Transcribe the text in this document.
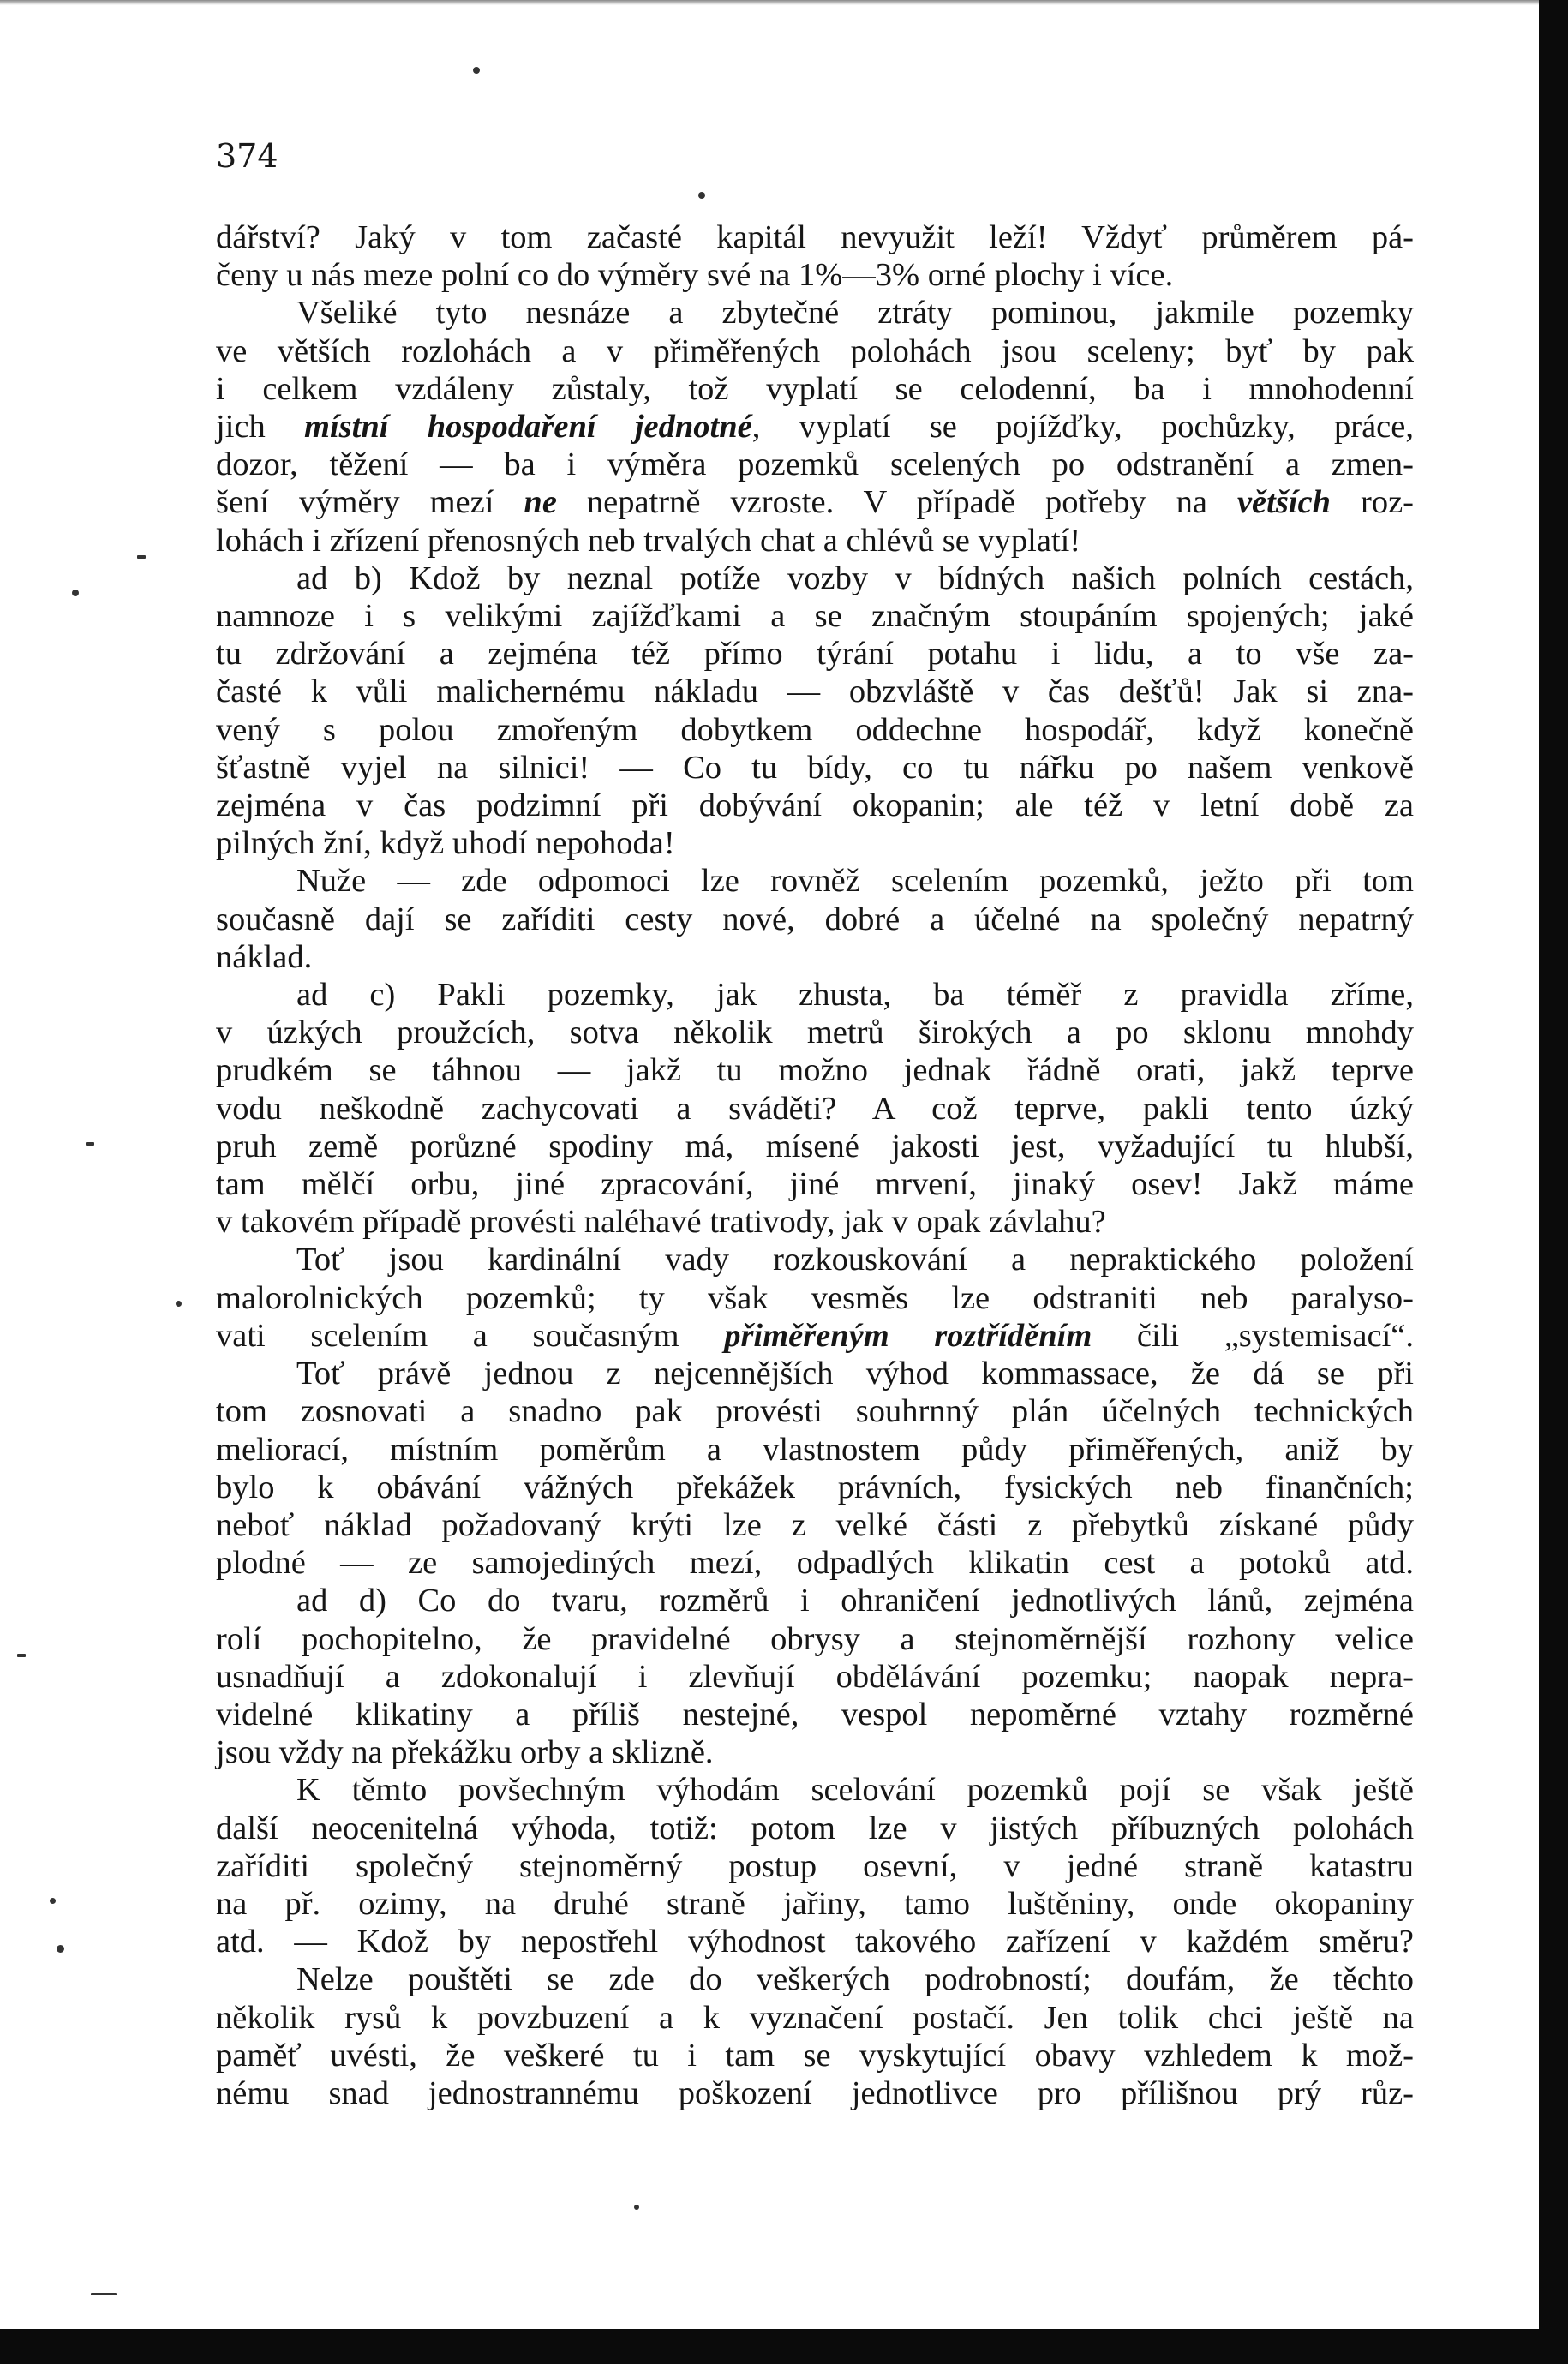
374
dářství? Jaký v tom začasté kapitál nevyužit leží! Vždyť průměrem pá-
čeny u nás meze polní co do výměry své na 1%—3% orné plochy i více.
Všeliké tyto nesnáze a zbytečné ztráty pominou, jakmile pozemky
ve větších rozlohách a v přiměřených polohách jsou sceleny; byť by pak
i celkem vzdáleny zůstaly, tož vyplatí se celodenní, ba i mnohodenní
jich místní hospodaření jednotné, vyplatí se pojížďky, pochůzky, práce,
dozor, těžení — ba i výměra pozemků scelených po odstranění a zmen-
šení výměry mezí ne nepatrně vzroste. V případě potřeby na větších roz-
lohách i zřízení přenosných neb trvalých chat a chlévů se vyplatí!
ad b) Kdož by neznal potíže vozby v bídných našich polních cestách,
namnoze i s velikými zajížďkami a se značným stoupáním spojených; jaké
tu zdržování a zejména též přímo týrání potahu i lidu, a to vše za-
časté k vůli malichernému nákladu — obzvláště v čas dešťů! Jak si zna-
vený s polou zmořeným dobytkem oddechne hospodář, když konečně
šťastně vyjel na silnici! — Co tu bídy, co tu nářku po našem venkově
zejména v čas podzimní při dobývání okopanin; ale též v letní době za
pilných žní, když uhodí nepohoda!
Nuže — zde odpomoci lze rovněž scelením pozemků, ježto při tom
současně dají se zaříditi cesty nové, dobré a účelné na společný nepatrný
náklad.
ad c) Pakli pozemky, jak zhusta, ba téměř z pravidla zříme,
v úzkých proužcích, sotva několik metrů širokých a po sklonu mnohdy
prudkém se táhnou — jakž tu možno jednak řádně orati, jakž teprve
vodu neškodně zachycovati a sváděti? A což teprve, pakli tento úzký
pruh země porůzné spodiny má, mísené jakosti jest, vyžadující tu hlubší,
tam mělčí orbu, jiné zpracování, jiné mrvení, jinaký osev! Jakž máme
v takovém případě provésti naléhavé trativody, jak v opak závlahu?
Toť jsou kardinální vady rozkouskování a nepraktického položení
malorolnických pozemků; ty však vesměs lze odstraniti neb paralyso-
vati scelením a současným přiměřeným roztříděním čili „systemisací“.
Toť právě jednou z nejcennějších výhod kommassace, že dá se při
tom zosnovati a snadno pak provésti souhrnný plán účelných technických
meliorací, místním poměrům a vlastnostem půdy přiměřených, aniž by
bylo k obávání vážných překážek právních, fysických neb finančních;
neboť náklad požadovaný krýti lze z velké části z přebytků získané půdy
plodné — ze samojediných mezí, odpadlých klikatin cest a potoků atd.
ad d) Co do tvaru, rozměrů i ohraničení jednotlivých lánů, zejména
rolí pochopitelno, že pravidelné obrysy a stejnoměrnější rozhony velice
usnadňují a zdokonalují i zlevňují obdělávání pozemku; naopak nepra-
videlné klikatiny a příliš nestejné, vespol nepoměrné vztahy rozměrné
jsou vždy na překážku orby a sklizně.
K těmto povšechným výhodám scelování pozemků pojí se však ještě
další neocenitelná výhoda, totiž: potom lze v jistých příbuzných polohách
zaříditi společný stejnoměrný postup osevní, v jedné straně katastru
na př. ozimy, na druhé straně jařiny, tamo luštěniny, onde okopaniny
atd. — Kdož by nepostřehl výhodnost takového zařízení v každém směru?
Nelze pouštěti se zde do veškerých podrobností; doufám, že těchto
několik rysů k povzbuzení a k vyznačení postačí. Jen tolik chci ještě na
paměť uvésti, že veškeré tu i tam se vyskytující obavy vzhledem k mož-
nému snad jednostrannému poškození jednotlivce pro přílišnou prý růz-
